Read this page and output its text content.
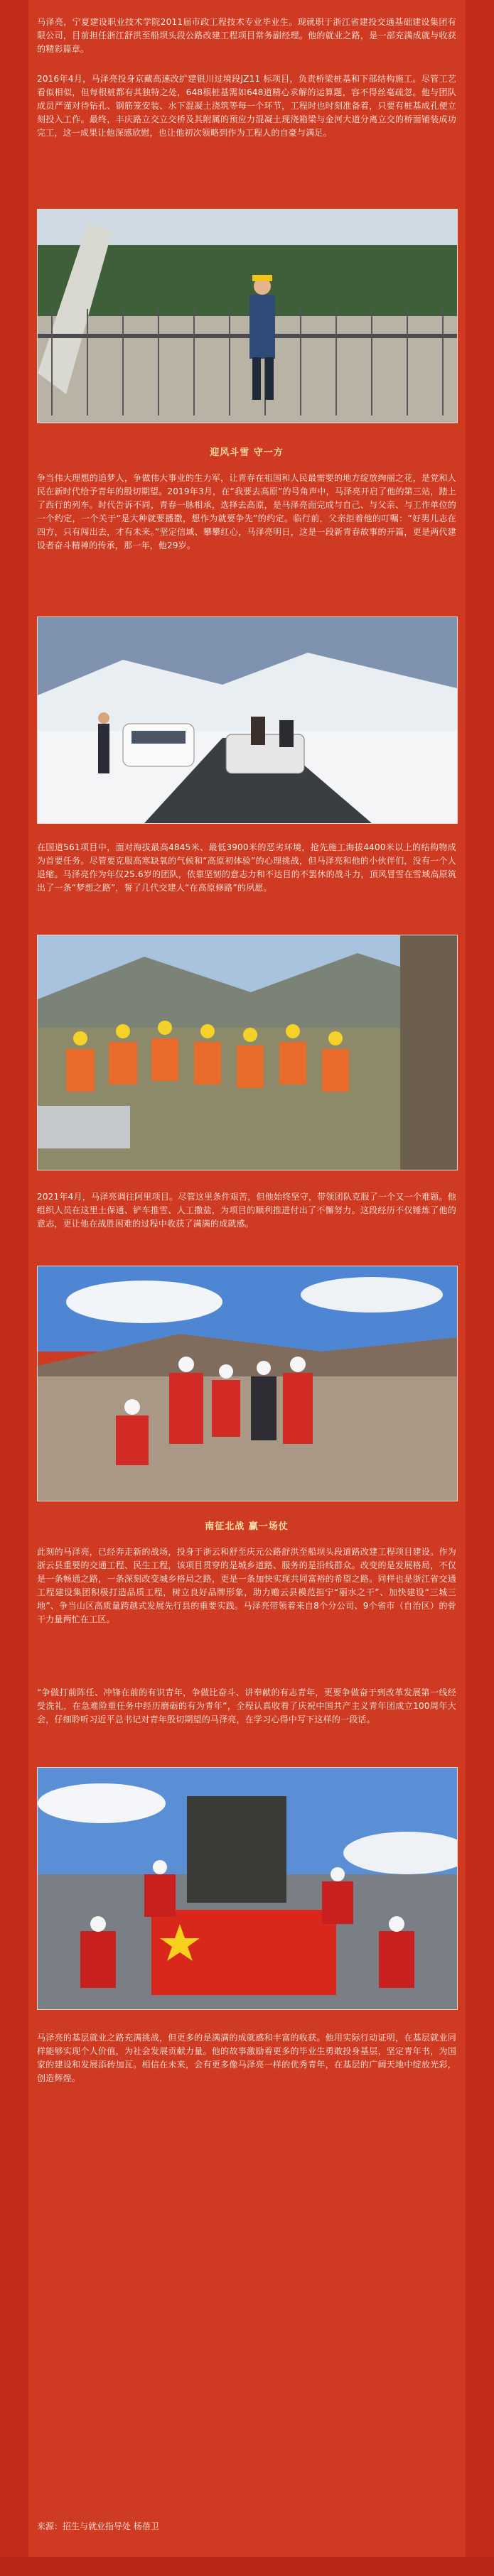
马泽亮，宁夏建设职业技术学院2011届市政工程技术专业毕业生。现就职于浙江省建投交通基础建设集团有限公司，目前担任浙江舒洪至船坝头段公路改建工程项目常务副经理。他的就业之路，是一部充满成就与收获的精彩篇章。

2016年4月，马泽亮投身京藏高速改扩建银川过境段JZ11 标项目，负责桥梁桩基和下部结构施工。尽管工艺看似相似，但每根桩都有其独特之处，648根桩基需如648道精心求解的运算题，容不得丝毫疏忽。他与团队成员严谨对待钻孔、钢筋笼安装、水下混凝土浇筑等每一个环节，工程时也时刻准备着，只要有桩基成孔便立刻投入工作。最终，丰庆路立交立交桥及其附属的预应力混凝土现浇箱梁与金河大道分离立交的桥面铺装成功完工，这一成果让他深感欣慰，也让他初次领略到作为工程人的自豪与满足。

迎风斗雪 守一方

争当伟大理想的追梦人，争做伟大事业的生力军，让青春在祖国和人民最需要的地方绽放绚丽之花，是党和人民在新时代给予青年的殷切期望。2019年3月，在“我要去高原”的号角声中，马泽亮开启了他的第三站，踏上了西行的列车。时代告诉不同，青春一脉相承，选择去高原，是马泽亮面完成与自己、与父亲、与工作单位的一个约定，一个关于“是大种就要播撒，想作为就要争先”的约定。临行前，父亲拒着他的叮嘱：“好男儿志在四方，只有闯出去，才有未来。”坚定信域、攀攀红心，马泽亮明日，这是一段新青春故事的开篇，更是两代建设者奋斗精神的传承，那一年，他29岁。

在国道561项目中，面对海拔最高4845米、最低3900米的恶劣环境，抢先施工海拔4400米以上的结构物成为首要任务。尽管要克服高寒缺氧的气候和“高原初体验”的心理挑战，但马泽亮和他的小伙伴们，没有一个人退缩。马泽亮作为年仅25.6岁的团队，依靠坚韧的意志力和不达目的不罢休的战斗力，顶风冒雪在雪域高原筑出了一条“梦想之路”，誓了几代交建人“在高原修路”的夙愿。

2021年4月，马泽亮调往阿里项目。尽管这里条件艰苦，但他始终坚守，带领团队克服了一个又一个难题。他组织人员在这里土保通、铲车推雪、人工撒盐，为项目的顺利推进付出了不懈努力。这段经历不仅锤炼了他的意志，更让他在战胜困难的过程中收获了满满的成就感。

南征北战 赢一场仗

此刻的马泽亮，已经奔走新的战场，投身于浙云和舒至庆元公路舒洪至船坝头段道路改建工程项目建设。作为浙云县重要的交通工程、民生工程，该项目贯穿的是城乡道路、服务的是沿线群众。改变的是发展格局，不仅是一条畅通之路，一条深刻改变城乡格局之路，更是一条加快实现共同富裕的希望之路。同样也是浙江省交通工程建设集团积极打造品质工程，树立良好品牌形象，助力赡云县模范担宁“丽水之干”、加快建设“三城三地”、争当山区高质量跨越式发展先行县的重要实践。马泽亮带领着来自8个分公司、9个省市（自治区）的骨干力量两忙在工区。

“争做打前阵任、冲锋在前的有识青年，争做比奋斗、讲奉献的有志青年，更要争做奋于到改革发展第一线经受洗礼，在急难险重任务中经历磨砺的有为青年”，全程认真收看了庆祝中国共产主义青年团成立100周年大会，仔细聆听习近平总书记对青年殷切期望的马泽亮，在学习心得中写下这样的一段话。

马泽亮的基层就业之路充满挑战，但更多的是满满的成就感和丰富的收获。他用实际行动证明，在基层就业同样能够实现个人价值，为社会发展贡献力量。他的故事激励着更多的毕业生勇敢投身基层，坚定青年书，为国家的建设和发展添砖加瓦。相信在未来，会有更多像马泽亮一样的优秀青年，在基层的广阔天地中绽放光彩，创造辉煌。

来源：招生与就业指导处 杨蓓卫
